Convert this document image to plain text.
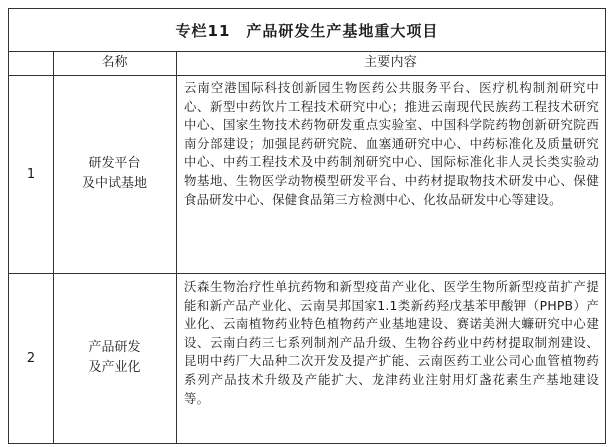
专栏11 产品研发生产基地重大项目
名称	主要内容
1
研发平台
及中试基地
云南空港国际科技创新园生物医药公共服务平台、医疗机构制剂研究中心、新型中药饮片工程技术研究中心；推进云南现代民族药工程技术研究中心、国家生物技术药物研发重点实验室、中国科学院药物创新研究院西南分部建设；加强昆药研究院、血塞通研究中心、中药标准化及质量研究中心、中药工程技术及中药制剂研究中心、国际标准化非人灵长类实验动物基地、生物医学动物模型研发平台、中药材提取物技术研发中心、保健食品研发中心、保健食品第三方检测中心、化妆品研发中心等建设。
2
产品研发
及产业化
沃森生物治疗性单抗药物和新型疫苗产业化、医学生物所新型疫苗扩产提能和新产品产业化、云南昊邦国家1.1类新药羟戊基苯甲酸钾（PHPB）产业化、云南植物药业特色植物药产业基地建设、赛诺美洲大蠊研究中心建设、云南白药三七系列制剂产品升级、生物谷药业中药材提取制剂建设、昆明中药厂大品种二次开发及提产扩能、云南医药工业公司心血管植物药系列产品技术升级及产能扩大、龙津药业注射用灯盏花素生产基地建设等。
